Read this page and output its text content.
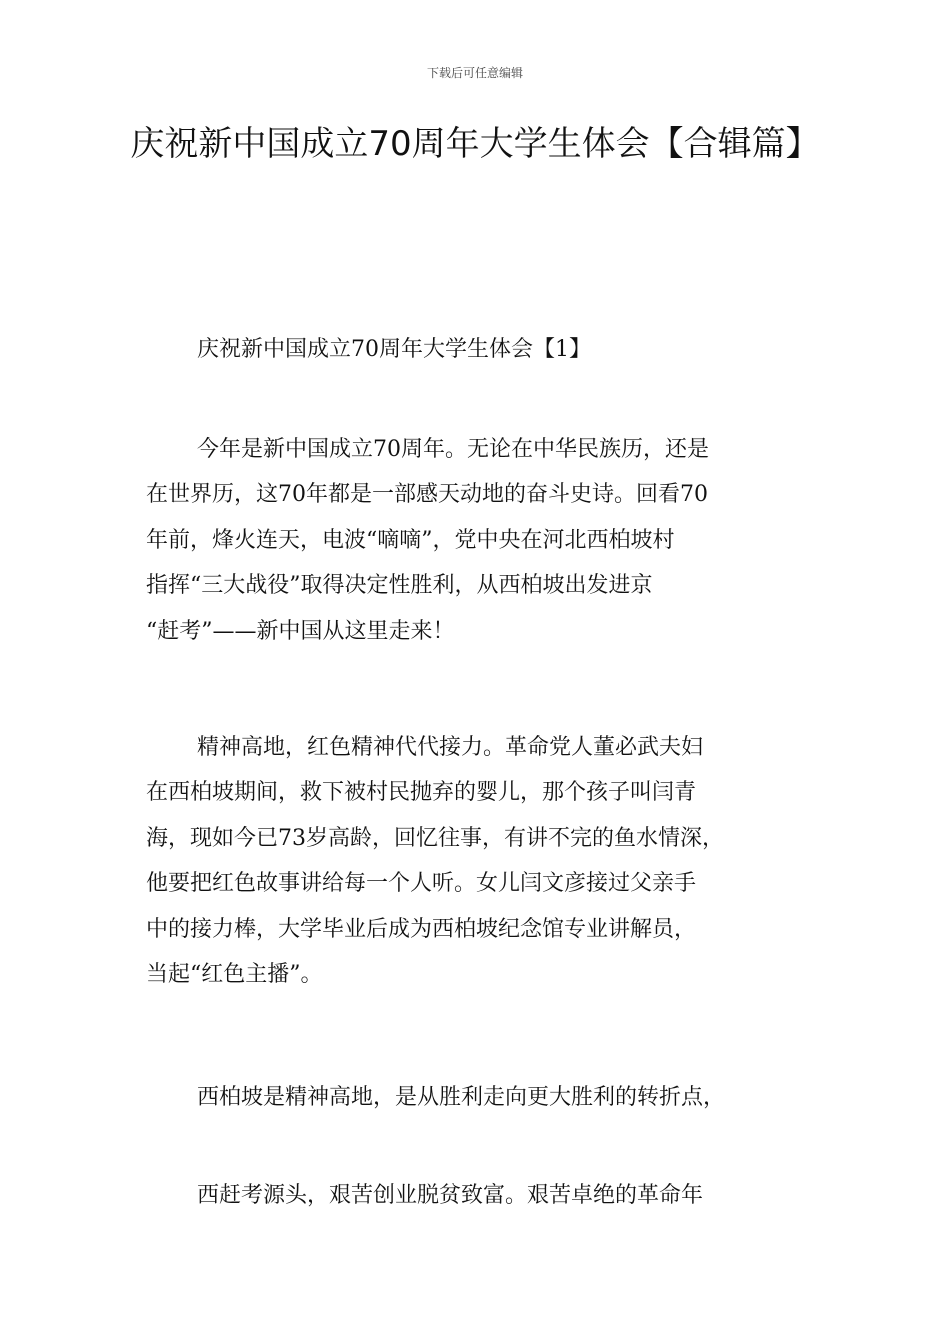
下载后可任意编辑
庆祝新中国成立70周年大学生体会【合辑篇】

庆祝新中国成立70周年大学生体会【1】

今年是新中国成立70周年。无论在中华民族历，还是
在世界历，这70年都是一部感天动地的奋斗史诗。回看70
年前，烽火连天，电波“嘀嘀”，党中央在河北西柏坡村
指挥“三大战役”取得决定性胜利，从西柏坡出发进京
“赶考”——新中国从这里走来！

精神高地，红色精神代代接力。革命党人董必武夫妇
在西柏坡期间，救下被村民抛弃的婴儿，那个孩子叫闫青
海，现如今已73岁高龄，回忆往事，有讲不完的鱼水情深，
他要把红色故事讲给每一个人听。女儿闫文彦接过父亲手
中的接力棒，大学毕业后成为西柏坡纪念馆专业讲解员，
当起“红色主播”。

西柏坡是精神高地，是从胜利走向更大胜利的转折点，

西赶考源头，艰苦创业脱贫致富。艰苦卓绝的革命年
